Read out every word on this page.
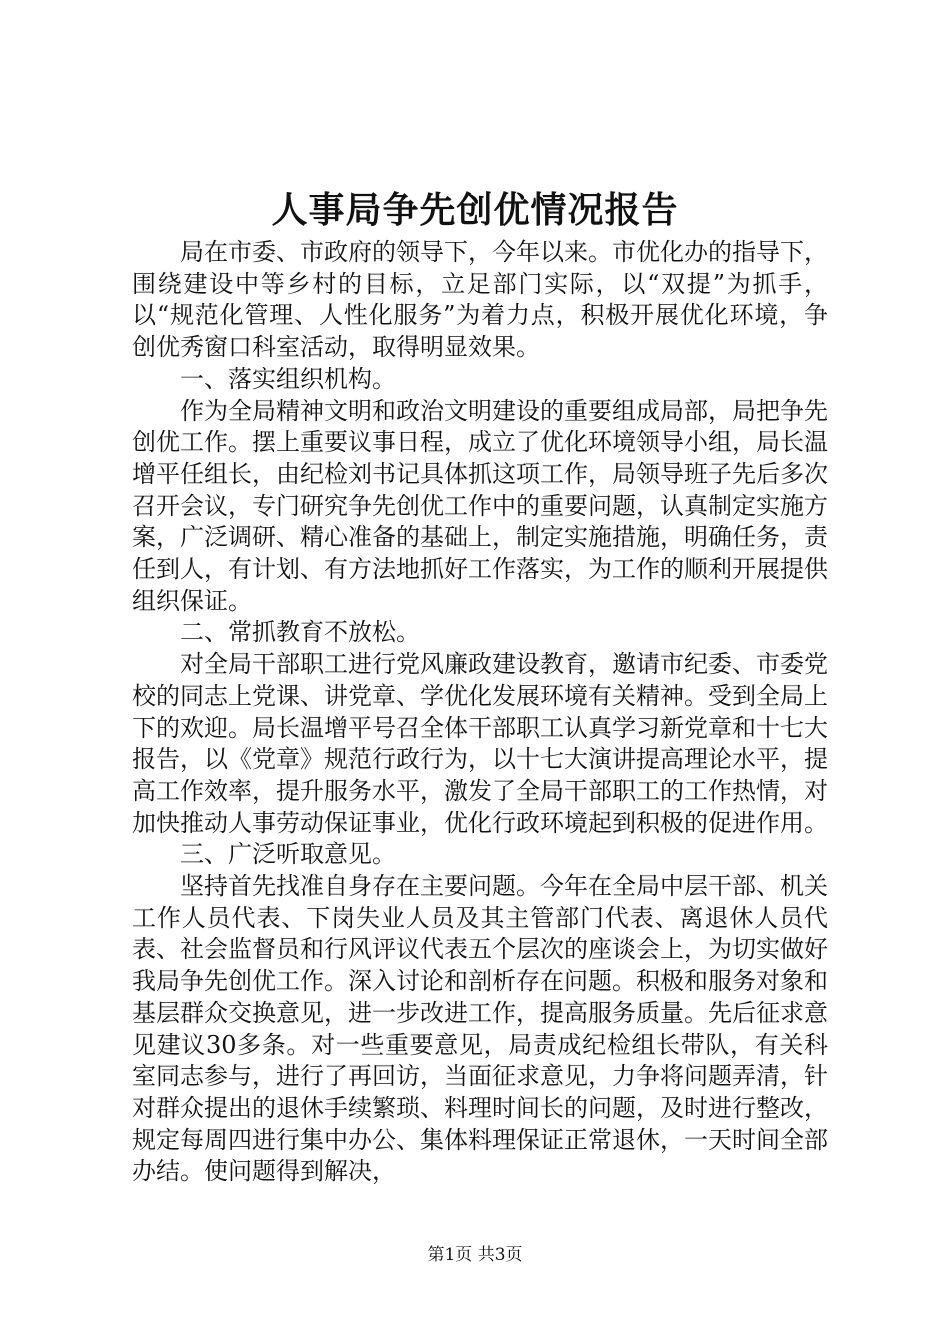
人事局争先创优情况报告

局在市委、市政府的领导下，今年以来。市优化办的指导下，围绕建设中等乡村的目标，立足部门实际，以“双提”为抓手，以“规范化管理、人性化服务”为着力点，积极开展优化环境，争创优秀窗口科室活动，取得明显效果。

一、落实组织机构。

作为全局精神文明和政治文明建设的重要组成局部，局把争先创优工作。摆上重要议事日程，成立了优化环境领导小组，局长温增平任组长，由纪检刘书记具体抓这项工作，局领导班子先后多次召开会议，专门研究争先创优工作中的重要问题，认真制定实施方案，广泛调研、精心准备的基础上，制定实施措施，明确任务，责任到人，有计划、有方法地抓好工作落实，为工作的顺利开展提供组织保证。

二、常抓教育不放松。

对全局干部职工进行党风廉政建设教育，邀请市纪委、市委党校的同志上党课、讲党章、学优化发展环境有关精神。受到全局上下的欢迎。局长温增平号召全体干部职工认真学习新党章和十七大报告，以《党章》规范行政行为，以十七大演讲提高理论水平，提高工作效率，提升服务水平，激发了全局干部职工的工作热情，对加快推动人事劳动保证事业，优化行政环境起到积极的促进作用。

三、广泛听取意见。

坚持首先找准自身存在主要问题。今年在全局中层干部、机关工作人员代表、下岗失业人员及其主管部门代表、离退休人员代表、社会监督员和行风评议代表五个层次的座谈会上，为切实做好我局争先创优工作。深入讨论和剖析存在问题。积极和服务对象和基层群众交换意见，进一步改进工作，提高服务质量。先后征求意见建议30多条。对一些重要意见，局责成纪检组长带队，有关科室同志参与，进行了再回访，当面征求意见，力争将问题弄清，针对群众提出的退休手续繁琐、料理时间长的问题，及时进行整改，规定每周四进行集中办公、集体料理保证正常退休，一天时间全部办结。使问题得到解决，

第1页 共3页
